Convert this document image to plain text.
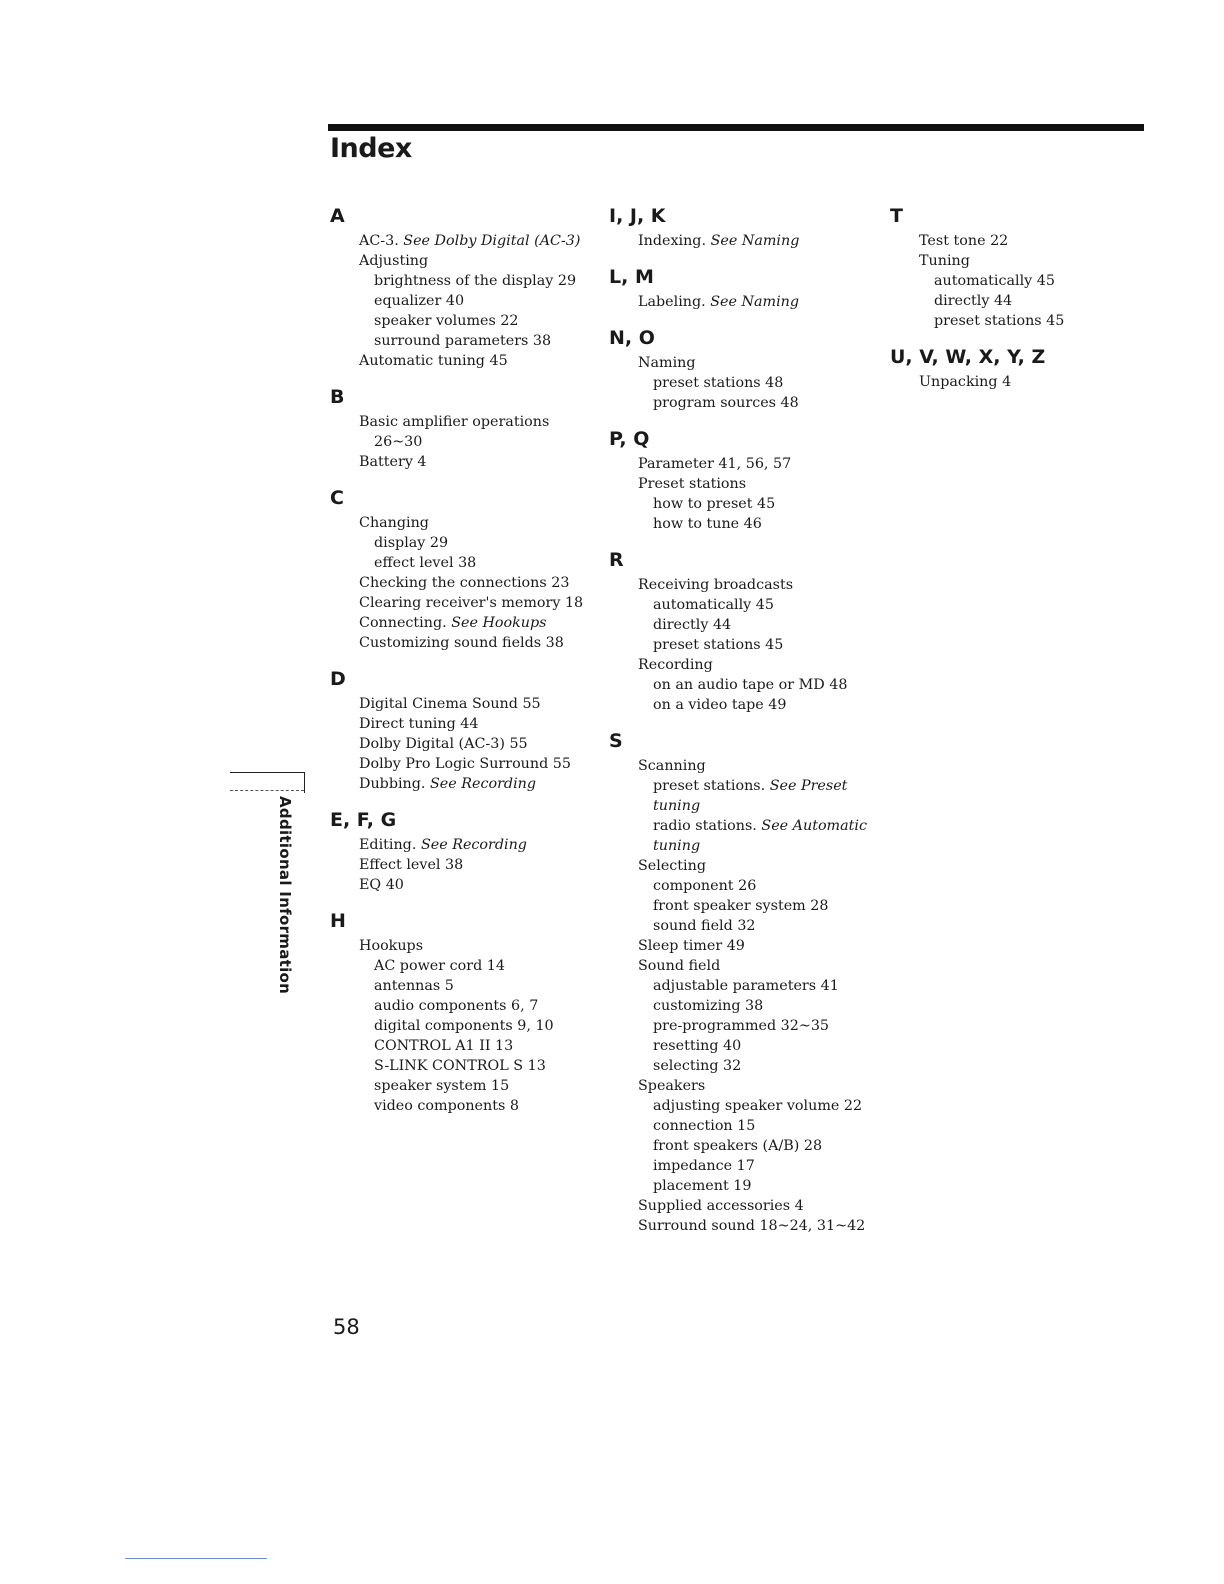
Index
A
AC-3. See Dolby Digital (AC-3)
Adjusting
brightness of the display 29
equalizer 40
speaker volumes 22
surround parameters 38
Automatic tuning 45
B
Basic amplifier operations
26~30
Battery 4
C
Changing
display 29
effect level 38
Checking the connections 23
Clearing receiver's memory 18
Connecting. See Hookups
Customizing sound fields 38
D
Digital Cinema Sound 55
Direct tuning 44
Dolby Digital (AC-3) 55
Dolby Pro Logic Surround 55
Dubbing. See Recording
E, F, G
Editing. See Recording
Effect level 38
EQ 40
H
Hookups
AC power cord 14
antennas 5
audio components 6, 7
digital components 9, 10
CONTROL A1 II 13
S-LINK CONTROL S 13
speaker system 15
video components 8
I, J, K
Indexing. See Naming
L, M
Labeling. See Naming
N, O
Naming
preset stations 48
program sources 48
P, Q
Parameter 41, 56, 57
Preset stations
how to preset 45
how to tune 46
R
Receiving broadcasts
automatically 45
directly 44
preset stations 45
Recording
on an audio tape or MD 48
on a video tape 49
S
Scanning
preset stations. See Preset
tuning
radio stations. See Automatic
tuning
Selecting
component 26
front speaker system 28
sound field 32
Sleep timer 49
Sound field
adjustable parameters 41
customizing 38
pre-programmed 32~35
resetting 40
selecting 32
Speakers
adjusting speaker volume 22
connection 15
front speakers (A/B) 28
impedance 17
placement 19
Supplied accessories 4
Surround sound 18~24, 31~42
T
Test tone 22
Tuning
automatically 45
directly 44
preset stations 45
U, V, W, X, Y, Z
Unpacking 4
Additional Information
58
